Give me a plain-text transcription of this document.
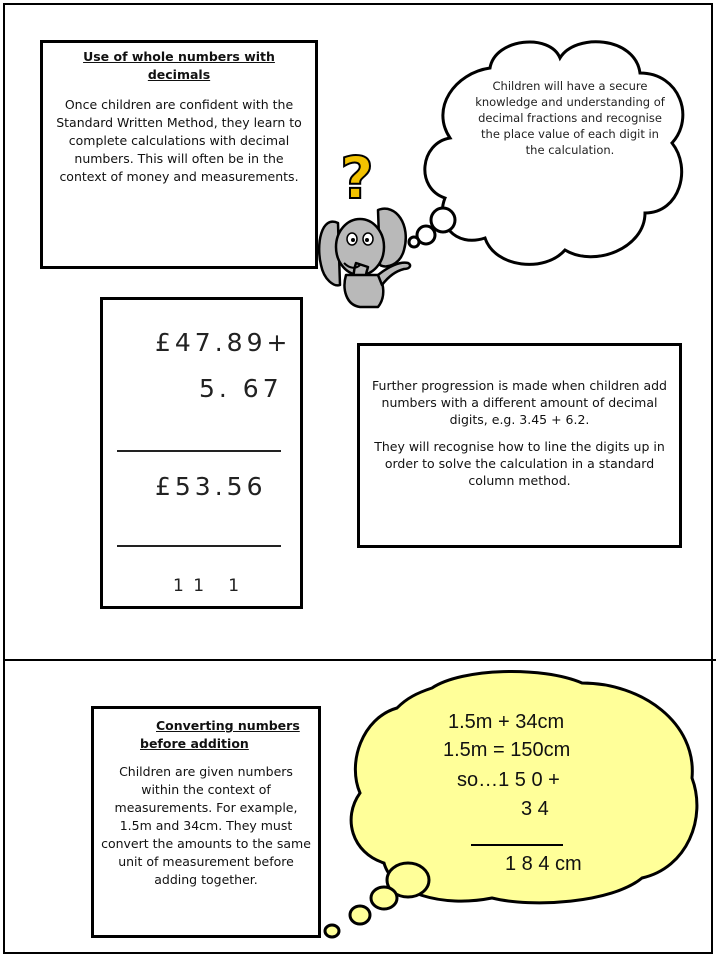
Use of whole numbers with decimals

Once children are confident with the Standard Written Method, they learn to complete calculations with decimal numbers. This will often be in the context of money and measurements.

Children will have a secure knowledge and understanding of decimal fractions and recognise the place value of each digit in the calculation.
?
£47.89+
5. 67
£53.56
1 1   1

Further progression is made when children add numbers with a different amount of decimal digits, e.g. 3.45 + 6.2.

They will recognise how to line the digits up in order to solve the calculation in a standard column method.

Converting numbers

before addition

Children are given numbers within the context of measurements. For example, 1.5m and 34cm. They must convert the amounts to the same unit of measurement before adding together.

1.5m + 34cm
1.5m = 150cm
so…1 5 0 +
3 4
1 8 4 cm
